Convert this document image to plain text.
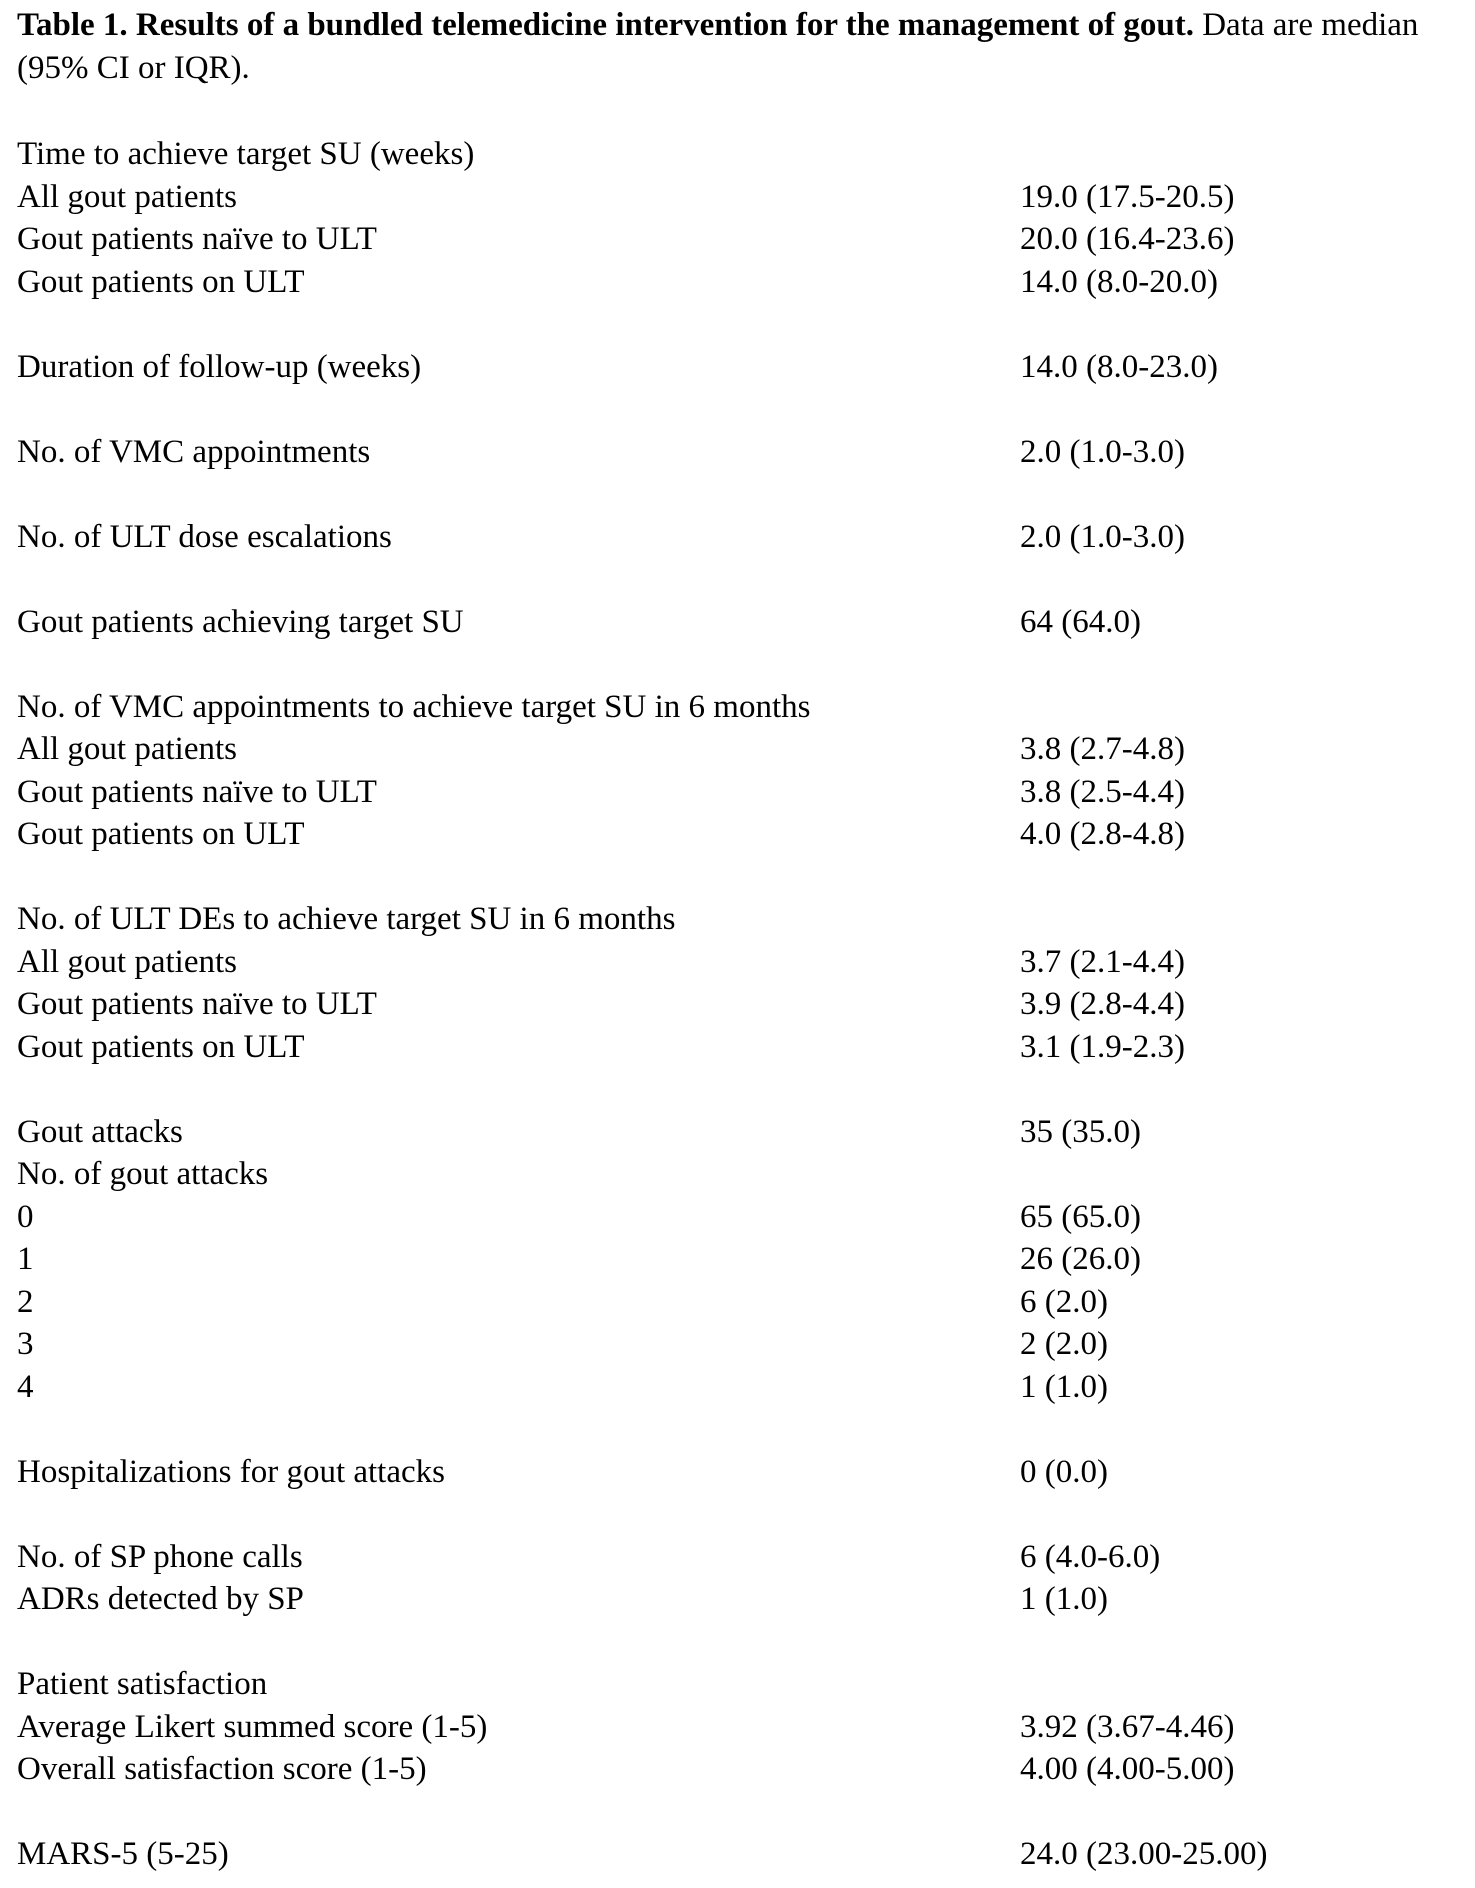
Table 1. Results of a bundled telemedicine intervention for the management of gout. Data are median (95% CI or IQR).

Time to achieve target SU (weeks)
All gout patients	19.0 (17.5-20.5)
Gout patients naïve to ULT	20.0 (16.4-23.6)
Gout patients on ULT	14.0 (8.0-20.0)
Duration of follow-up (weeks)	14.0 (8.0-23.0)
No. of VMC appointments	2.0 (1.0-3.0)
No. of ULT dose escalations	2.0 (1.0-3.0)
Gout patients achieving target SU	64 (64.0)
No. of VMC appointments to achieve target SU in 6 months
All gout patients	3.8 (2.7-4.8)
Gout patients naïve to ULT	3.8 (2.5-4.4)
Gout patients on ULT	4.0 (2.8-4.8)
No. of ULT DEs to achieve target SU in 6 months
All gout patients	3.7 (2.1-4.4)
Gout patients naïve to ULT	3.9 (2.8-4.4)
Gout patients on ULT	3.1 (1.9-2.3)
Gout attacks	35 (35.0)
No. of gout attacks
0	65 (65.0)
1	26 (26.0)
2	6 (2.0)
3	2 (2.0)
4	1 (1.0)
Hospitalizations for gout attacks	0 (0.0)
No. of SP phone calls	6 (4.0-6.0)
ADRs detected by SP	1 (1.0)
Patient satisfaction
Average Likert summed score (1-5)	3.92 (3.67-4.46)
Overall satisfaction score (1-5)	4.00 (4.00-5.00)
MARS-5 (5-25)	24.0 (23.00-25.00)
